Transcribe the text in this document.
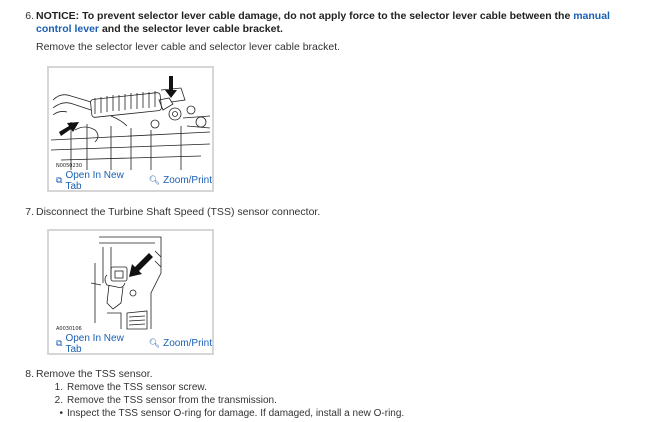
6. NOTICE: To prevent selector lever cable damage, do not apply force to the selector lever cable between the manual control lever and the selector lever cable bracket.
Remove the selector lever cable and selector lever cable bracket.
N0050230
⧉ Open In New Tab
🔍︎ Zoom/Print
7. Disconnect the Turbine Shaft Speed (TSS) sensor connector.
A0030106
⧉ Open In New Tab
🔍︎ Zoom/Print
8. Remove the TSS sensor.
1. Remove the TSS sensor screw.
2. Remove the TSS sensor from the transmission.
• Inspect the TSS sensor O-ring for damage. If damaged, install a new O-ring.
